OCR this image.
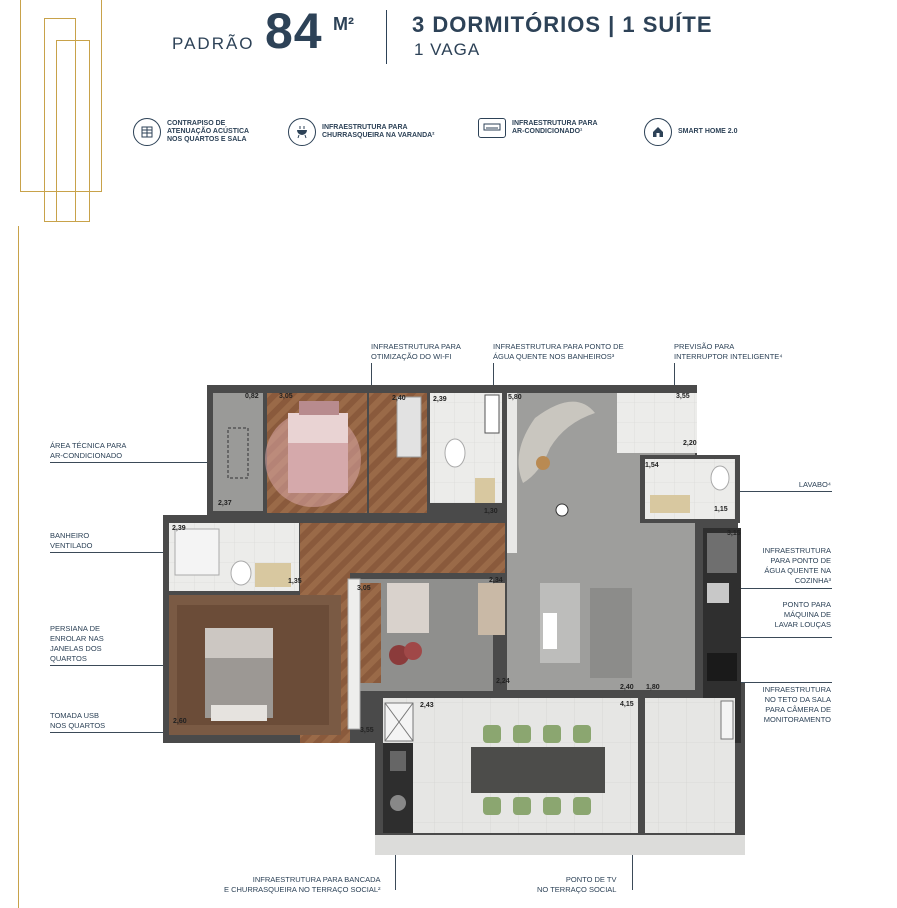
PADRÃO 84 M²	3 DORMITÓRIOS | 1 SUÍTE
1 VAGA
CONTRAPISO DE
ATENUAÇÃO ACÚSTICA
NOS QUARTOS E SALA
INFRAESTRUTURA PARA
CHURRASQUEIRA NA VARANDA²
INFRAESTRUTURA PARA
AR-CONDICIONADO¹	SMART HOME 2.0
ÁREA TÉCNICA PARA
AR-CONDICIONADO
BANHEIRO
VENTILADO
PERSIANA DE
ENROLAR NAS
JANELAS DOS
QUARTOS
TOMADA USB
NOS QUARTOS
INFRAESTRUTURA PARA
OTIMIZAÇÃO DO WI-FI
INFRAESTRUTURA PARA PONTO DE
ÁGUA QUENTE NOS BANHEIROS³
PREVISÃO PARA
INTERRUPTOR INTELIGENTE⁴
LAVABO⁴
INFRAESTRUTURA
PARA PONTO DE
ÁGUA QUENTE NA
COZINHA³
PONTO PARA
MÁQUINA DE
LAVAR LOUÇAS
INFRAESTRUTURA
NO TETO DA SALA
PARA CÂMERA DE
MONITORAMENTO
INFRAESTRUTURA PARA BANCADA
E CHURRASQUEIRA NO TERRAÇO SOCIAL²
PONTO DE TV
NO TERRAÇO SOCIAL
0,82	3,05	2,40	2,39	5,80	3,55
2,20
1,54
1,15
2,37
1,30
3,15
2,39
1,35
3,05
2,34
2,60
2,24
2,43
3,55
2,40 1,80
4,15
